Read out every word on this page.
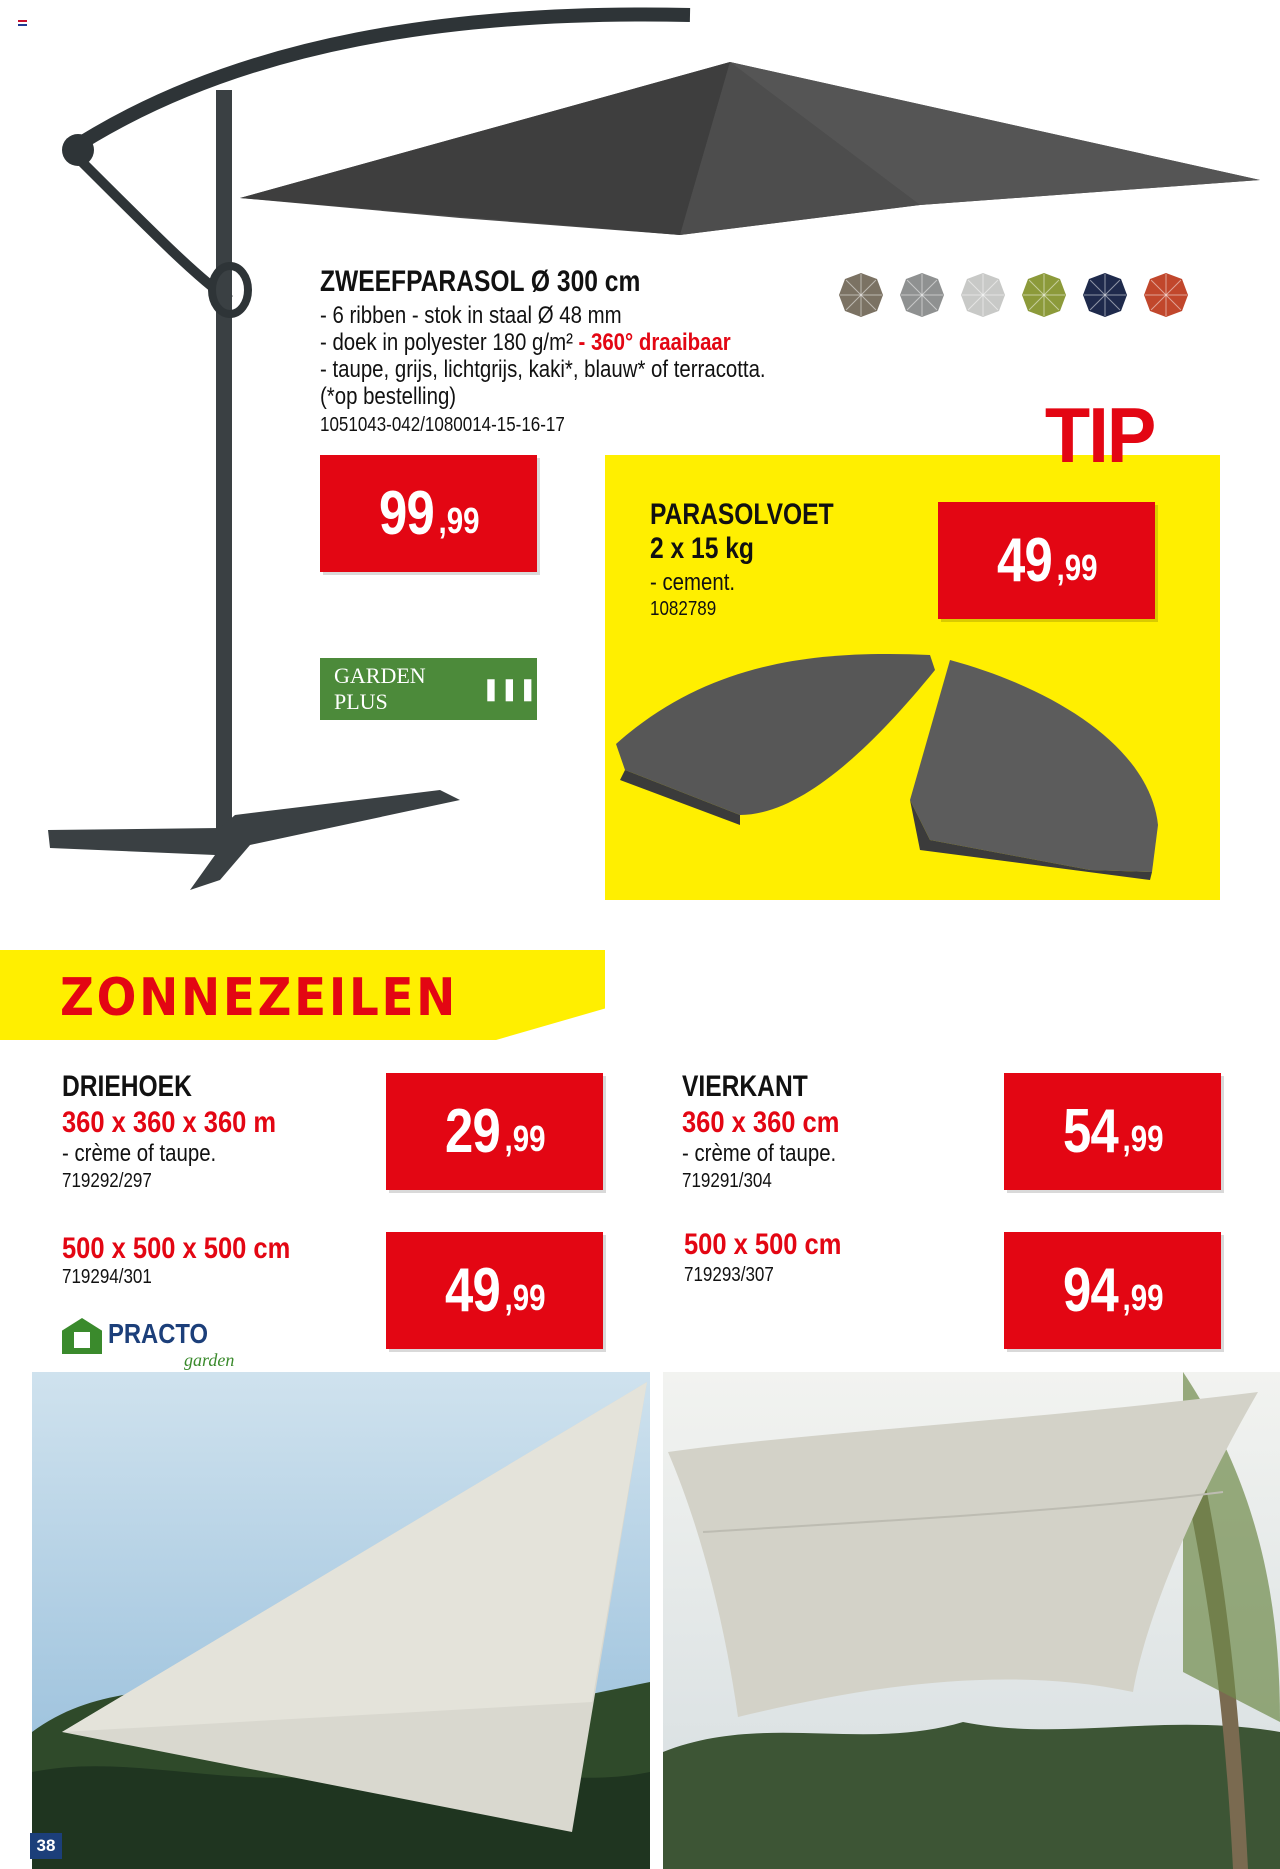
ZWEEFPARASOL Ø 300 cm
- 6 ribben - stok in staal Ø 48 mm
- doek in polyester 180 g/m² - 360° draaibaar
- taupe, grijs, lichtgrijs, kaki*, blauw* of terracotta.
(*op bestelling)
1051043-042/1080014-15-16-17
99 ,99
GARDEN PLUS
❚❚❚
TIP
PARASOLVOET
2 x 15 kg
- cement.
1082789
49 ,99
ZONNEZEILEN
DRIEHOEK
360 x 360 x 360 m
- crème of taupe.
719292/297
29 ,99
500 x 500 x 500 cm
719294/301	49 ,99
PRACTO
garden
VIERKANT
360 x 360 cm
- crème of taupe.
719291/304
54 ,99
500 x 500 cm
719293/307	94 ,99
38
